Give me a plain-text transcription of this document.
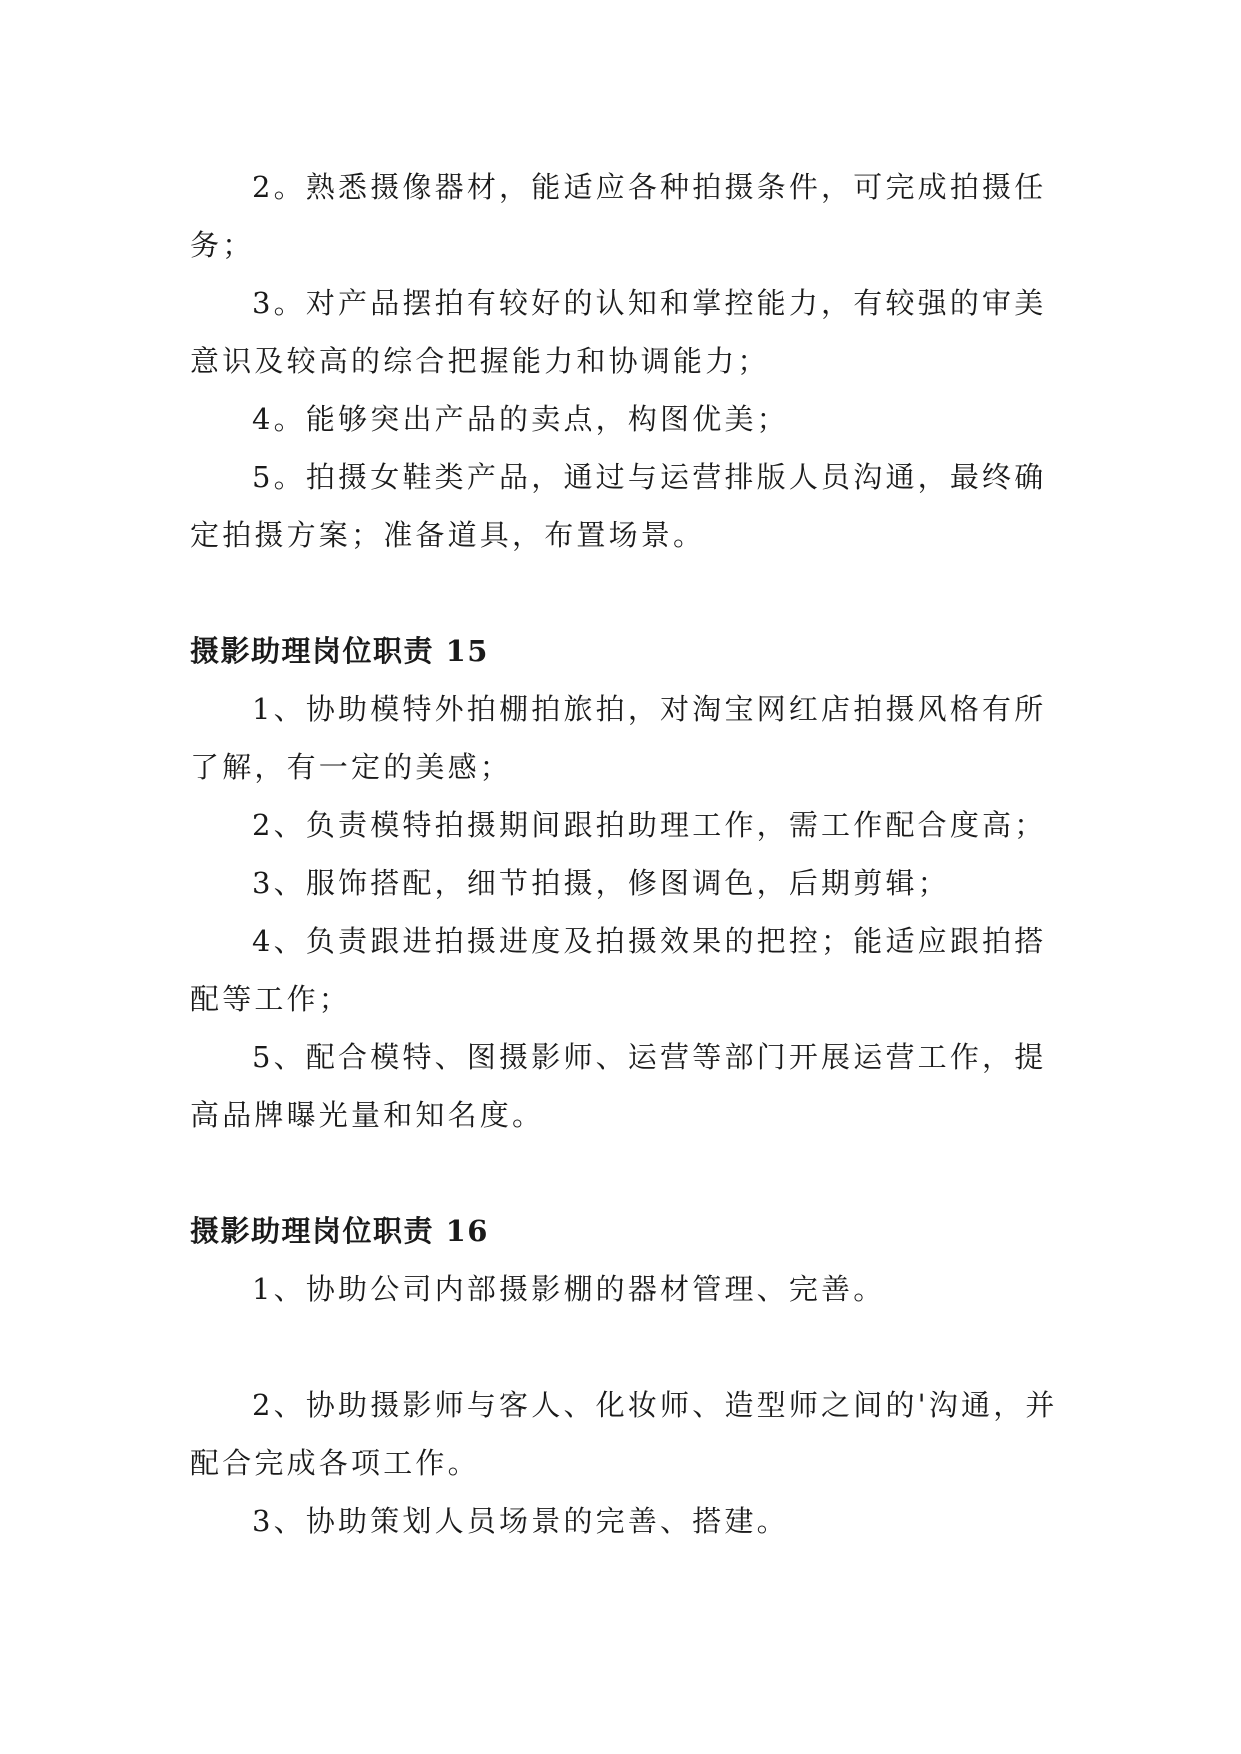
2。熟悉摄像器材，能适应各种拍摄条件，可完成拍摄任务；

3。对产品摆拍有较好的认知和掌控能力，有较强的审美意识及较高的综合把握能力和协调能力；

4。能够突出产品的卖点，构图优美；

5。拍摄女鞋类产品，通过与运营排版人员沟通，最终确定拍摄方案；准备道具，布置场景。

摄影助理岗位职责 15

1、协助模特外拍棚拍旅拍，对淘宝网红店拍摄风格有所了解，有一定的美感；

2、负责模特拍摄期间跟拍助理工作，需工作配合度高；

3、服饰搭配，细节拍摄，修图调色，后期剪辑；

4、负责跟进拍摄进度及拍摄效果的把控；能适应跟拍搭配等工作；

5、配合模特、图摄影师、运营等部门开展运营工作，提高品牌曝光量和知名度。

摄影助理岗位职责 16

1、协助公司内部摄影棚的器材管理、完善。

2、协助摄影师与客人、化妆师、造型师之间的'沟通，并配合完成各项工作。

3、协助策划人员场景的完善、搭建。
